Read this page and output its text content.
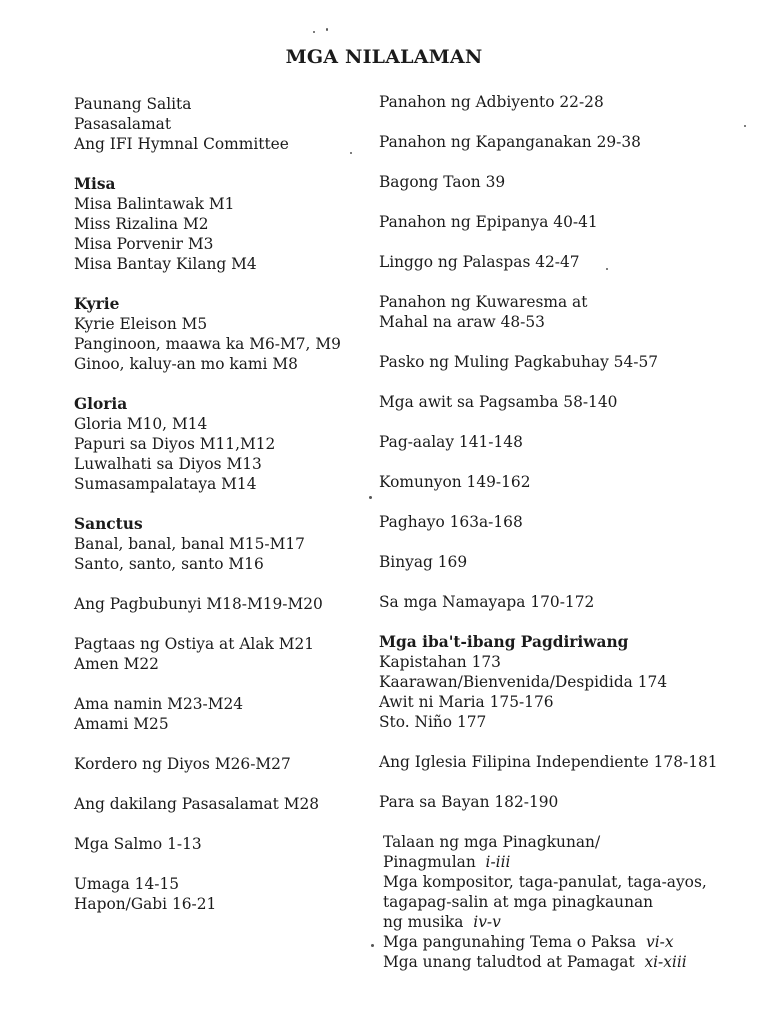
MGA NILALAMAN
Paunang Salita
Pasasalamat
Ang IFI Hymnal Committee
Misa
Misa Balintawak M1
Miss Rizalina M2
Misa Porvenir M3
Misa Bantay Kilang M4
Kyrie
Kyrie Eleison M5
Panginoon, maawa ka M6-M7, M9
Ginoo, kaluy-an mo kami M8
Gloria
Gloria M10, M14
Papuri sa Diyos M11,M12
Luwalhati sa Diyos M13
Sumasampalataya M14
Sanctus
Banal, banal, banal M15-M17
Santo, santo, santo M16
Ang Pagbubunyi M18-M19-M20
Pagtaas ng Ostiya at Alak M21
Amen M22
Ama namin M23-M24
Amami M25
Kordero ng Diyos M26-M27
Ang dakilang Pasasalamat M28
Mga Salmo 1-13
Umaga 14-15
Hapon/Gabi 16-21
Panahon ng Adbiyento 22-28
Panahon ng Kapanganakan 29-38
Bagong Taon 39
Panahon ng Epipanya 40-41
Linggo ng Palaspas 42-47
Panahon ng Kuwaresma at
Mahal na araw 48-53
Pasko ng Muling Pagkabuhay 54-57
Mga awit sa Pagsamba 58-140
Pag-aalay 141-148
Komunyon 149-162
Paghayo 163a-168
Binyag 169
Sa mga Namayapa 170-172
Mga iba't-ibang Pagdiriwang
Kapistahan 173
Kaarawan/Bienvenida/Despidida 174
Awit ni Maria 175-176
Sto. Niño 177
Ang Iglesia Filipina Independiente 178-181
Para sa Bayan 182-190
Talaan ng mga Pinagkunan/
Pinagmulan i-iii
Mga kompositor, taga-panulat, taga-ayos,
tagapag-salin at mga pinagkaunan
ng musika iv-v
Mga pangunahing Tema o Paksa vi-x
Mga unang taludtod at Pamagat xi-xiii
